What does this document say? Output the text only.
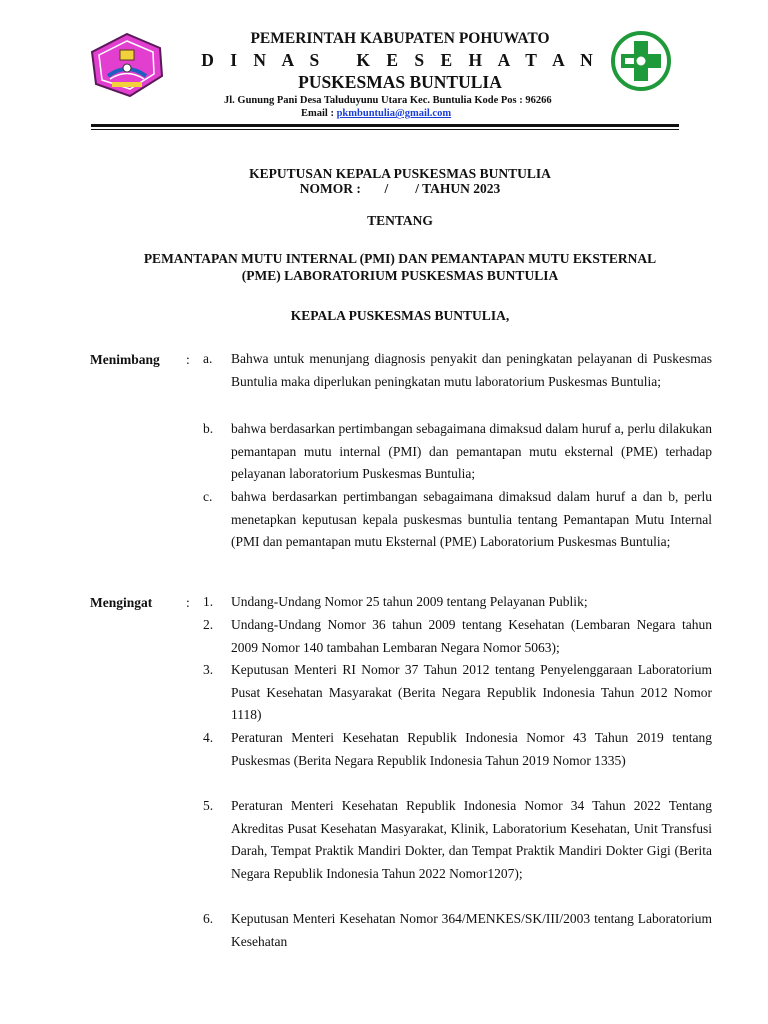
PEMERINTAH KABUPATEN POHUWATO
D I N A S   K E S E H A T A N
PUSKESMAS BUNTULIA
Jl. Gunung Pani Desa Taluduyunu Utara Kec. Buntulia Kode Pos : 96266
Email : pkmbuntulia@gmail.com
KEPUTUSAN KEPALA PUSKESMAS BUNTULIA
NOMOR :       /        / TAHUN 2023
TENTANG
PEMANTAPAN MUTU INTERNAL (PMI) DAN PEMANTAPAN MUTU EKSTERNAL
(PME) LABORATORIUM PUSKESMAS BUNTULIA
KEPALA PUSKESMAS BUNTULIA,
Menimbang : a.	Bahwa untuk menunjang diagnosis penyakit dan peningkatan pelayanan di Puskesmas Buntulia maka diperlukan peningkatan mutu laboratorium Puskesmas Buntulia;
b.	bahwa berdasarkan pertimbangan sebagaimana dimaksud dalam huruf a, perlu dilakukan pemantapan mutu internal (PMI) dan pemantapan mutu eksternal (PME) terhadap pelayanan laboratorium Puskesmas Buntulia;
c.	bahwa berdasarkan pertimbangan sebagaimana dimaksud dalam huruf a dan b, perlu menetapkan keputusan kepala puskesmas buntulia tentang Pemantapan Mutu Internal (PMI dan pemantapan mutu Eksternal (PME) Laboratorium Puskesmas Buntulia;
Mengingat	: 1.	Undang-Undang Nomor 25 tahun 2009 tentang Pelayanan Publik;
2.	Undang-Undang Nomor 36 tahun 2009 tentang Kesehatan (Lembaran Negara tahun 2009 Nomor 140 tambahan Lembaran Negara Nomor 5063);
3.	Keputusan Menteri RI Nomor 37 Tahun 2012 tentang Penyelenggaraan Laboratorium Pusat Kesehatan Masyarakat (Berita Negara Republik Indonesia Tahun 2012 Nomor 1118)
4.	Peraturan Menteri Kesehatan Republik Indonesia Nomor 43 Tahun 2019 tentang Puskesmas (Berita Negara Republik Indonesia Tahun 2019 Nomor 1335)
5.	Peraturan Menteri Kesehatan Republik Indonesia Nomor 34 Tahun 2022 Tentang Akreditas Pusat Kesehatan Masyarakat, Klinik, Laboratorium Kesehatan, Unit Transfusi Darah, Tempat Praktik Mandiri Dokter, dan Tempat Praktik Mandiri Dokter Gigi (Berita Negara Republik Indonesia Tahun 2022 Nomor1207);
6.	Keputusan Menteri Kesehatan Nomor 364/MENKES/SK/III/2003 tentang Laboratorium Kesehatan
